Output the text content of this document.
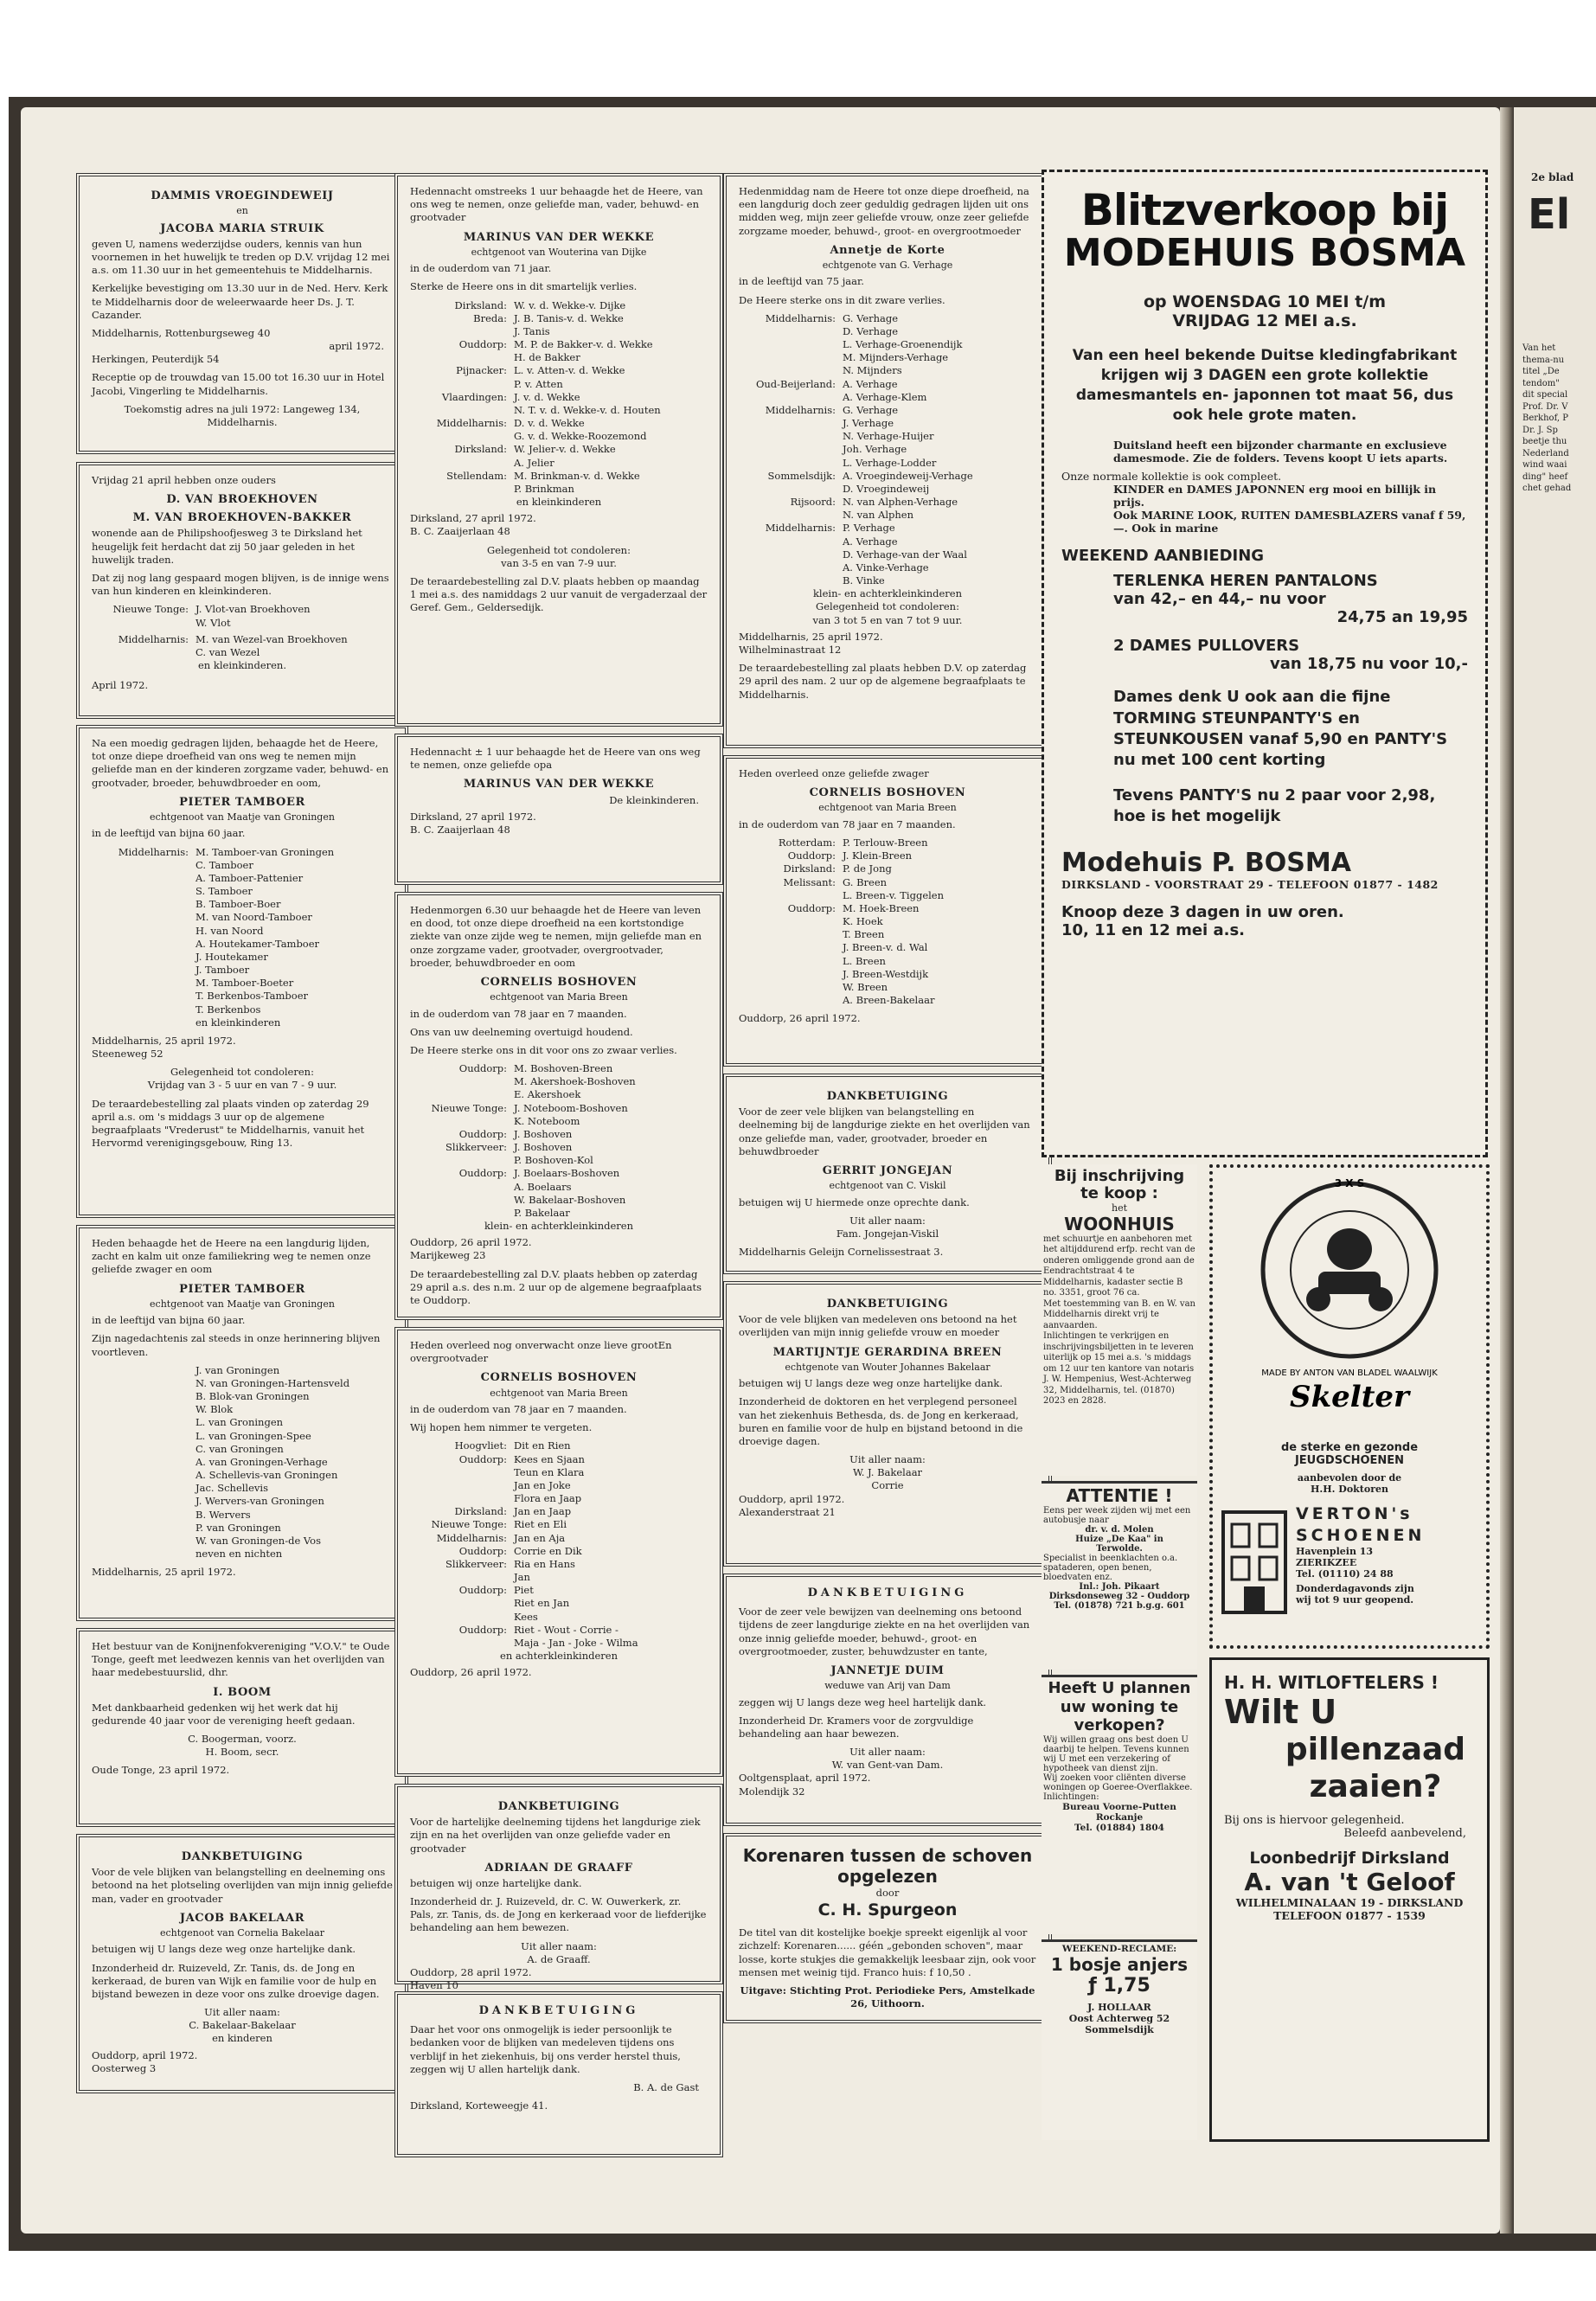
DAMMIS VROEGINDEWEIJ
en
JACOBA MARIA STRUIK

geven U, namens wederzijdse ouders, kennis van hun voornemen in het huwelijk te treden op D.V. vrijdag 12 mei a.s. om 11.30 uur in het gemeentehuis te Middelharnis.

Kerkelijke bevestiging om 13.30 uur in de Ned. Herv. Kerk te Middelharnis door de weleerwaarde heer Ds. J. T. Cazander.

Middelharnis, Rottenburgseweg 40
april 1972.

Herkingen, Peuterdijk 54

Receptie op de trouwdag van 15.00 tot 16.30 uur in Hotel Jacobi, Vingerling te Middelharnis.

Toekomstig adres na juli 1972: Langeweg 134, Middelharnis.

Vrijdag 21 april hebben onze ouders

D. VAN BROEKHOVEN
M. VAN BROEKHOVEN-BAKKER

wonende aan de Philipshoofjesweg 3 te Dirksland het heugelijk feit herdacht dat zij 50 jaar geleden in het huwelijk traden.

Dat zij nog lang gespaard mogen blijven, is de innige wens van hun kinderen en kleinkinderen.

Nieuwe Tonge: J. Vlot-van Broekhoven
W. Vlot
Middelharnis: M. van Wezel-van Broekhoven
C. van Wezel
en kleinkinderen.
April 1972.

Na een moedig gedragen lijden, behaagde het de Heere, tot onze diepe droefheid van ons weg te nemen mijn geliefde man en der kinderen zorgzame vader, behuwd- en grootvader, broeder, behuwdbroeder en oom,

PIETER TAMBOER
echtgenoot van Maatje van Groningen

in de leeftijd van bijna 60 jaar.

Middelharnis: M. Tamboer-van Groningen
C. Tamboer
A. Tamboer-Pattenier
S. Tamboer
B. Tamboer-Boer
M. van Noord-Tamboer
H. van Noord
A. Houtekamer-Tamboer
J. Houtekamer
J. Tamboer
M. Tamboer-Boeter
T. Berkenbos-Tamboer
T. Berkenbos
en kleinkinderen

Middelharnis, 25 april 1972.
Steeneweg 52

Gelegenheid tot condoleren:
Vrijdag van 3 - 5 uur en van 7 - 9 uur.

De teraardebestelling zal plaats vinden op zaterdag 29 april a.s. om 's middags 3 uur op de algemene begraafplaats "Vrederust" te Middelharnis, vanuit het Hervormd verenigingsgebouw, Ring 13.

Heden behaagde het de Heere na een langdurig lijden, zacht en kalm uit onze familiekring weg te nemen onze geliefde zwager en oom

PIETER TAMBOER
echtgenoot van Maatje van Groningen

in de leeftijd van bijna 60 jaar.

Zijn nagedachtenis zal steeds in onze herinnering blijven voortleven.

J. van Groningen
N. van Groningen-Hartensveld
B. Blok-van Groningen
W. Blok
L. van Groningen
L. van Groningen-Spee
C. van Groningen
A. van Groningen-Verhage
A. Schellevis-van Groningen
Jac. Schellevis
J. Wervers-van Groningen
B. Wervers
P. van Groningen
W. van Groningen-de Vos
neven en nichten

Middelharnis, 25 april 1972.

Het bestuur van de Konijnenfokvereniging "V.O.V." te Oude Tonge, geeft met leedwezen kennis van het overlijden van haar medebestuurslid, dhr.

I. BOOM

Met dankbaarheid gedenken wij het werk dat hij gedurende 40 jaar voor de vereniging heeft gedaan.

C. Boogerman, voorz.
H. Boom, secr.

Oude Tonge, 23 april 1972.

DANKBETUIGING

Voor de vele blijken van belangstelling en deelneming ons betoond na het plotseling overlijden van mijn innig geliefde man, vader en grootvader

JACOB BAKELAAR
echtgenoot van Cornelia Bakelaar

betuigen wij U langs deze weg onze hartelijke dank.

Inzonderheid dr. Ruizeveld, Zr. Tanis, ds. de Jong en kerkeraad, de buren van Wijk en familie voor de hulp en bijstand bewezen in deze voor ons zulke droevige dagen.

Uit aller naam:
C. Bakelaar-Bakelaar
en kinderen
Ouddorp, april 1972.
Oosterweg 3

Hedennacht omstreeks 1 uur behaagde het de Heere, van ons weg te nemen, onze geliefde man, vader, behuwd- en grootvader

MARINUS VAN DER WEKKE
echtgenoot van Wouterina van Dijke

in de ouderdom van 71 jaar.

Sterke de Heere ons in dit smartelijk verlies.

Dirksland: W. v. d. Wekke-v. Dijke
Breda: J. B. Tanis-v. d. Wekke
J. Tanis
Ouddorp: M. P. de Bakker-v. d. Wekke
H. de Bakker
Pijnacker: L. v. Atten-v. d. Wekke
P. v. Atten
Vlaardingen: J. v. d. Wekke
N. T. v. d. Wekke-v. d. Houten
Middelharnis: D. v. d. Wekke
G. v. d. Wekke-Roozemond
Dirksland: W. Jelier-v. d. Wekke
A. Jelier
Stellendam: M. Brinkman-v. d. Wekke
P. Brinkman
en kleinkinderen

Dirksland, 27 april 1972.
B. C. Zaaijerlaan 48

Gelegenheid tot condoleren:
van 3-5 en van 7-9 uur.

De teraardebestelling zal D.V. plaats hebben op maandag 1 mei a.s. des namiddags 2 uur vanuit de vergaderzaal der Geref. Gem., Geldersedijk.

Hedennacht ± 1 uur behaagde het de Heere van ons weg te nemen, onze geliefde opa

MARINUS VAN DER WEKKE
De kleinkinderen.
Dirksland, 27 april 1972.
B. C. Zaaijerlaan 48

Hedenmorgen 6.30 uur behaagde het de Heere van leven en dood, tot onze diepe droefheid na een kortstondige ziekte van onze zijde weg te nemen, mijn geliefde man en onze zorgzame vader, grootvader, overgrootvader, broeder, behuwdbroeder en oom

CORNELIS BOSHOVEN
echtgenoot van Maria Breen

in de ouderdom van 78 jaar en 7 maanden.

Ons van uw deelneming overtuigd houdend.

De Heere sterke ons in dit voor ons zo zwaar verlies.

Ouddorp: M. Boshoven-Breen
M. Akershoek-Boshoven
E. Akershoek
Nieuwe Tonge: J. Noteboom-Boshoven
K. Noteboom
Ouddorp: J. Boshoven
Slikkerveer: J. Boshoven
P. Boshoven-Kol
Ouddorp: J. Boelaars-Boshoven
A. Boelaars
W. Bakelaar-Boshoven
P. Bakelaar
klein- en achterkleinkinderen

Ouddorp, 26 april 1972.
Marijkeweg 23

De teraardebestelling zal D.V. plaats hebben op zaterdag 29 april a.s. des n.m. 2 uur op de algemene begraafplaats te Ouddorp.

Heden overleed nog onverwacht onze lieve grootEn overgrootvader

CORNELIS BOSHOVEN
echtgenoot van Maria Breen

in de ouderdom van 78 jaar en 7 maanden.

Wij hopen hem nimmer te vergeten.

Hoogvliet: Dit en Rien
Ouddorp: Kees en Sjaan
Teun en Klara
Jan en Joke
Flora en Jaap
Dirksland: Jan en Jaap
Nieuwe Tonge: Riet en Eli
Middelharnis: Jan en Aja
Ouddorp: Corrie en Dik
Slikkerveer: Ria en Hans
Jan
Ouddorp: Piet
Riet en Jan
Kees
Ouddorp: Riet - Wout - Corrie -
Maja - Jan - Joke - Wilma
en achterkleinkinderen

Ouddorp, 26 april 1972.

DANKBETUIGING

Voor de hartelijke deelneming tijdens het langdurige ziek zijn en na het overlijden van onze geliefde vader en grootvader

ADRIAAN DE GRAAFF

betuigen wij onze hartelijke dank.

Inzonderheid dr. J. Ruizeveld, dr. C. W. Ouwerkerk, zr. Pals, zr. Tanis, ds. de Jong en kerkeraad voor de liefderijke behandeling aan hem bewezen.

Uit aller naam:
A. de Graaff.
Ouddorp, 28 april 1972.
Haven 10
DANKBETUIGING

Daar het voor ons onmogelijk is ieder persoonlijk te bedanken voor de blijken van medeleven tijdens ons verblijf in het ziekenhuis, bij ons verder herstel thuis, zeggen wij U allen hartelijk dank.

B. A. de Gast
Dirksland, Korteweegje 41.

Hedenmiddag nam de Heere tot onze diepe droefheid, na een langdurig doch zeer geduldig gedragen lijden uit ons midden weg, mijn zeer geliefde vrouw, onze zeer geliefde zorgzame moeder, behuwd-, groot- en overgrootmoeder

Annetje de Korte
echtgenote van G. Verhage

in de leeftijd van 75 jaar.

De Heere sterke ons in dit zware verlies.

Middelharnis: G. Verhage
D. Verhage
L. Verhage-Groenendijk
M. Mijnders-Verhage
N. Mijnders
Oud-Beijerland: A. Verhage
A. Verhage-Klem
Middelharnis: G. Verhage
J. Verhage
N. Verhage-Huijer
Joh. Verhage
L. Verhage-Lodder
Sommelsdijk: A. Vroegindeweij-Verhage
D. Vroegindeweij
Rijsoord: N. van Alphen-Verhage
N. van Alphen
Middelharnis: P. Verhage
A. Verhage
D. Verhage-van der Waal
A. Vinke-Verhage
B. Vinke
klein- en achterkleinkinderen
Gelegenheid tot condoleren:
van 3 tot 5 en van 7 tot 9 uur.

Middelharnis, 25 april 1972.
Wilhelminastraat 12

De teraardebestelling zal plaats hebben D.V. op zaterdag 29 april des nam. 2 uur op de algemene begraafplaats te Middelharnis.

Heden overleed onze geliefde zwager

CORNELIS BOSHOVEN
echtgenoot van Maria Breen

in de ouderdom van 78 jaar en 7 maanden.

Rotterdam: P. Terlouw-Breen
Ouddorp: J. Klein-Breen
Dirksland: P. de Jong
Melissant: G. Breen
L. Breen-v. Tiggelen
Ouddorp: M. Hoek-Breen
K. Hoek
T. Breen
J. Breen-v. d. Wal
L. Breen
J. Breen-Westdijk
W. Breen
A. Breen-Bakelaar

Ouddorp, 26 april 1972.

DANKBETUIGING

Voor de zeer vele blijken van belangstelling en deelneming bij de langdurige ziekte en het overlijden van onze geliefde man, vader, grootvader, broeder en behuwdbroeder

GERRIT JONGEJAN
echtgenoot van C. Viskil

betuigen wij U hiermede onze oprechte dank.

Uit aller naam:
Fam. Jongejan-Viskil

Middelharnis Geleijn Cornelissestraat 3.

DANKBETUIGING

Voor de vele blijken van medeleven ons betoond na het overlijden van mijn innig geliefde vrouw en moeder

MARTIJNTJE GERARDINA BREEN
echtgenote van Wouter Johannes Bakelaar

betuigen wij U langs deze weg onze hartelijke dank.

Inzonderheid de doktoren en het verplegend personeel van het ziekenhuis Bethesda, ds. de Jong en kerkeraad, buren en familie voor de hulp en bijstand betoond in die droevige dagen.

Uit aller naam:
W. J. Bakelaar
Corrie
Ouddorp, april 1972.
Alexanderstraat 21
DANKBETUIGING

Voor de zeer vele bewijzen van deelneming ons betoond tijdens de zeer langdurige ziekte en na het overlijden van onze innig geliefde moeder, behuwd-, groot- en overgrootmoeder, zuster, behuwdzuster en tante,

JANNETJE DUIM
weduwe van Arij van Dam

zeggen wij U langs deze weg heel hartelijk dank.

Inzonderheid Dr. Kramers voor de zorgvuldige behandeling aan haar bewezen.

Uit aller naam:
W. van Gent-van Dam.
Ooltgensplaat, april 1972.
Molendijk 32
Korenaren tussen de schoven opgelezen
door
C. H. Spurgeon

De titel van dit kostelijke boekje spreekt eigenlijk al voor zichzelf: Korenaren...... géén „gebonden schoven", maar losse, korte stukjes die gemakkelijk leesbaar zijn, ook voor mensen met weinig tijd. Franco huis: f 10,50 .

Uitgave: Stichting Prot. Periodieke Pers, Amstelkade 26, Uithoorn.

Blitzverkoop bij
MODEHUIS BOSMA
op WOENSDAG 10 MEI t/m
VRIJDAG 12 MEI a.s.
Van een heel bekende Duitse kledingfabrikant krijgen wij 3 DAGEN een grote kollektie damesmantels en- japonnen tot maat 56, dus ook hele grote maten.

Duitsland heeft een bijzonder charmante en exclusieve damesmode. Zie de folders. Tevens koopt U iets aparts.

Onze normale kollektie is ook compleet.

KINDER en DAMES JAPONNEN erg mooi en billijk in prijs.
Ook MARINE LOOK, RUITEN DAMESBLAZERS vanaf f 59,—. Ook in marine

WEEKEND AANBIEDING
TERLENKA HEREN PANTALONS
van 42,– en 44,– nu voor
24,75 an 19,95
2 DAMES PULLOVERS
van 18,75 nu voor 10,-
Dames denk U ook aan die fijne TORMING STEUNPANTY'S en STEUNKOUSEN vanaf 5,90 en PANTY'S nu met 100 cent korting
Tevens PANTY'S nu 2 paar voor 2,98, hoe is het mogelijk
Modehuis P. BOSMA
DIRKSLAND - VOORSTRAAT 29 - TELEFOON 01877 - 1482
Knoop deze 3 dagen in uw oren.
10, 11 en 12 mei a.s.
Bij inschrijving te koop :
het
WOONHUIS

met schuurtje en aanbehoren met het altijddurend erfp. recht van de onderen omliggende grond aan de Eendrachtstraat 4 te Middelharnis, kadaster sectie B no. 3351, groot 76 ca.

Met toestemming van B. en W. van Middelharnis direkt vrij te aanvaarden.

Inlichtingen te verkrijgen en inschrijvingsbiljetten in te leveren uiterlijk op 15 mei a.s. 's middags om 12 uur ten kantore van notaris J. W. Hempenius, West-Achterweg 32, Middelharnis, tel. (01870) 2023 en 2828.

ATTENTIE !

Eens per week zijden wij met een autobusje naar

dr. v. d. Molen
Huize „De Kaa" in
Terwolde.

Specialist in beenklachten o.a. spataderen, open benen, bloedvaten enz.

Inl.: Joh. Pikaart
Dirksdonseweg 32 - Ouddorp
Tel. (01878) 721 b.g.g. 601
Heeft U plannen uw woning te verkopen?

Wij willen graag ons best doen U daarbij te helpen. Tevens kunnen wij U met een verzekering of hypotheek van dienst zijn.
Wij zoeken voor cliënten diverse woningen op Goeree-Overflakkee.

Inlichtingen:
Bureau Voorne-Putten
Rockanje
Tel. (01884) 1804
WEEKEND-RECLAME:
1 bosje anjers
ƒ 1,75
J. HOLLAAR
Oost Achterweg 52
Sommelsdijk
3 X S
MADE BY ANTON VAN BLADEL WAALWIJK
Skelter
de sterke en gezonde
JEUGDSCHOENEN
aanbevolen door de
H.H. Doktoren
VERTON's
SCHOENEN
Havenplein 13
ZIERIKZEE
Tel. (01110) 24 88
Donderdagavonds zijn
wij tot 9 uur geopend.
H. H. WITLOFTELERS !
Wilt U
pillenzaad
zaaien?

Bij ons is hiervoor gelegenheid.

Beleefd aanbevelend,

Loonbedrijf Dirksland
A. van 't Geloof
WILHELMINALAAN 19 - DIRKSLAND
TELEFOON 01877 - 1539
2e blad
El
Van het
thema-nu
titel „De
tendom"
dit special
Prof. Dr. V
Berkhof, P
Dr. J. Sp
beetje thu
Nederland
wind waai
ding" heef
chet gehad
